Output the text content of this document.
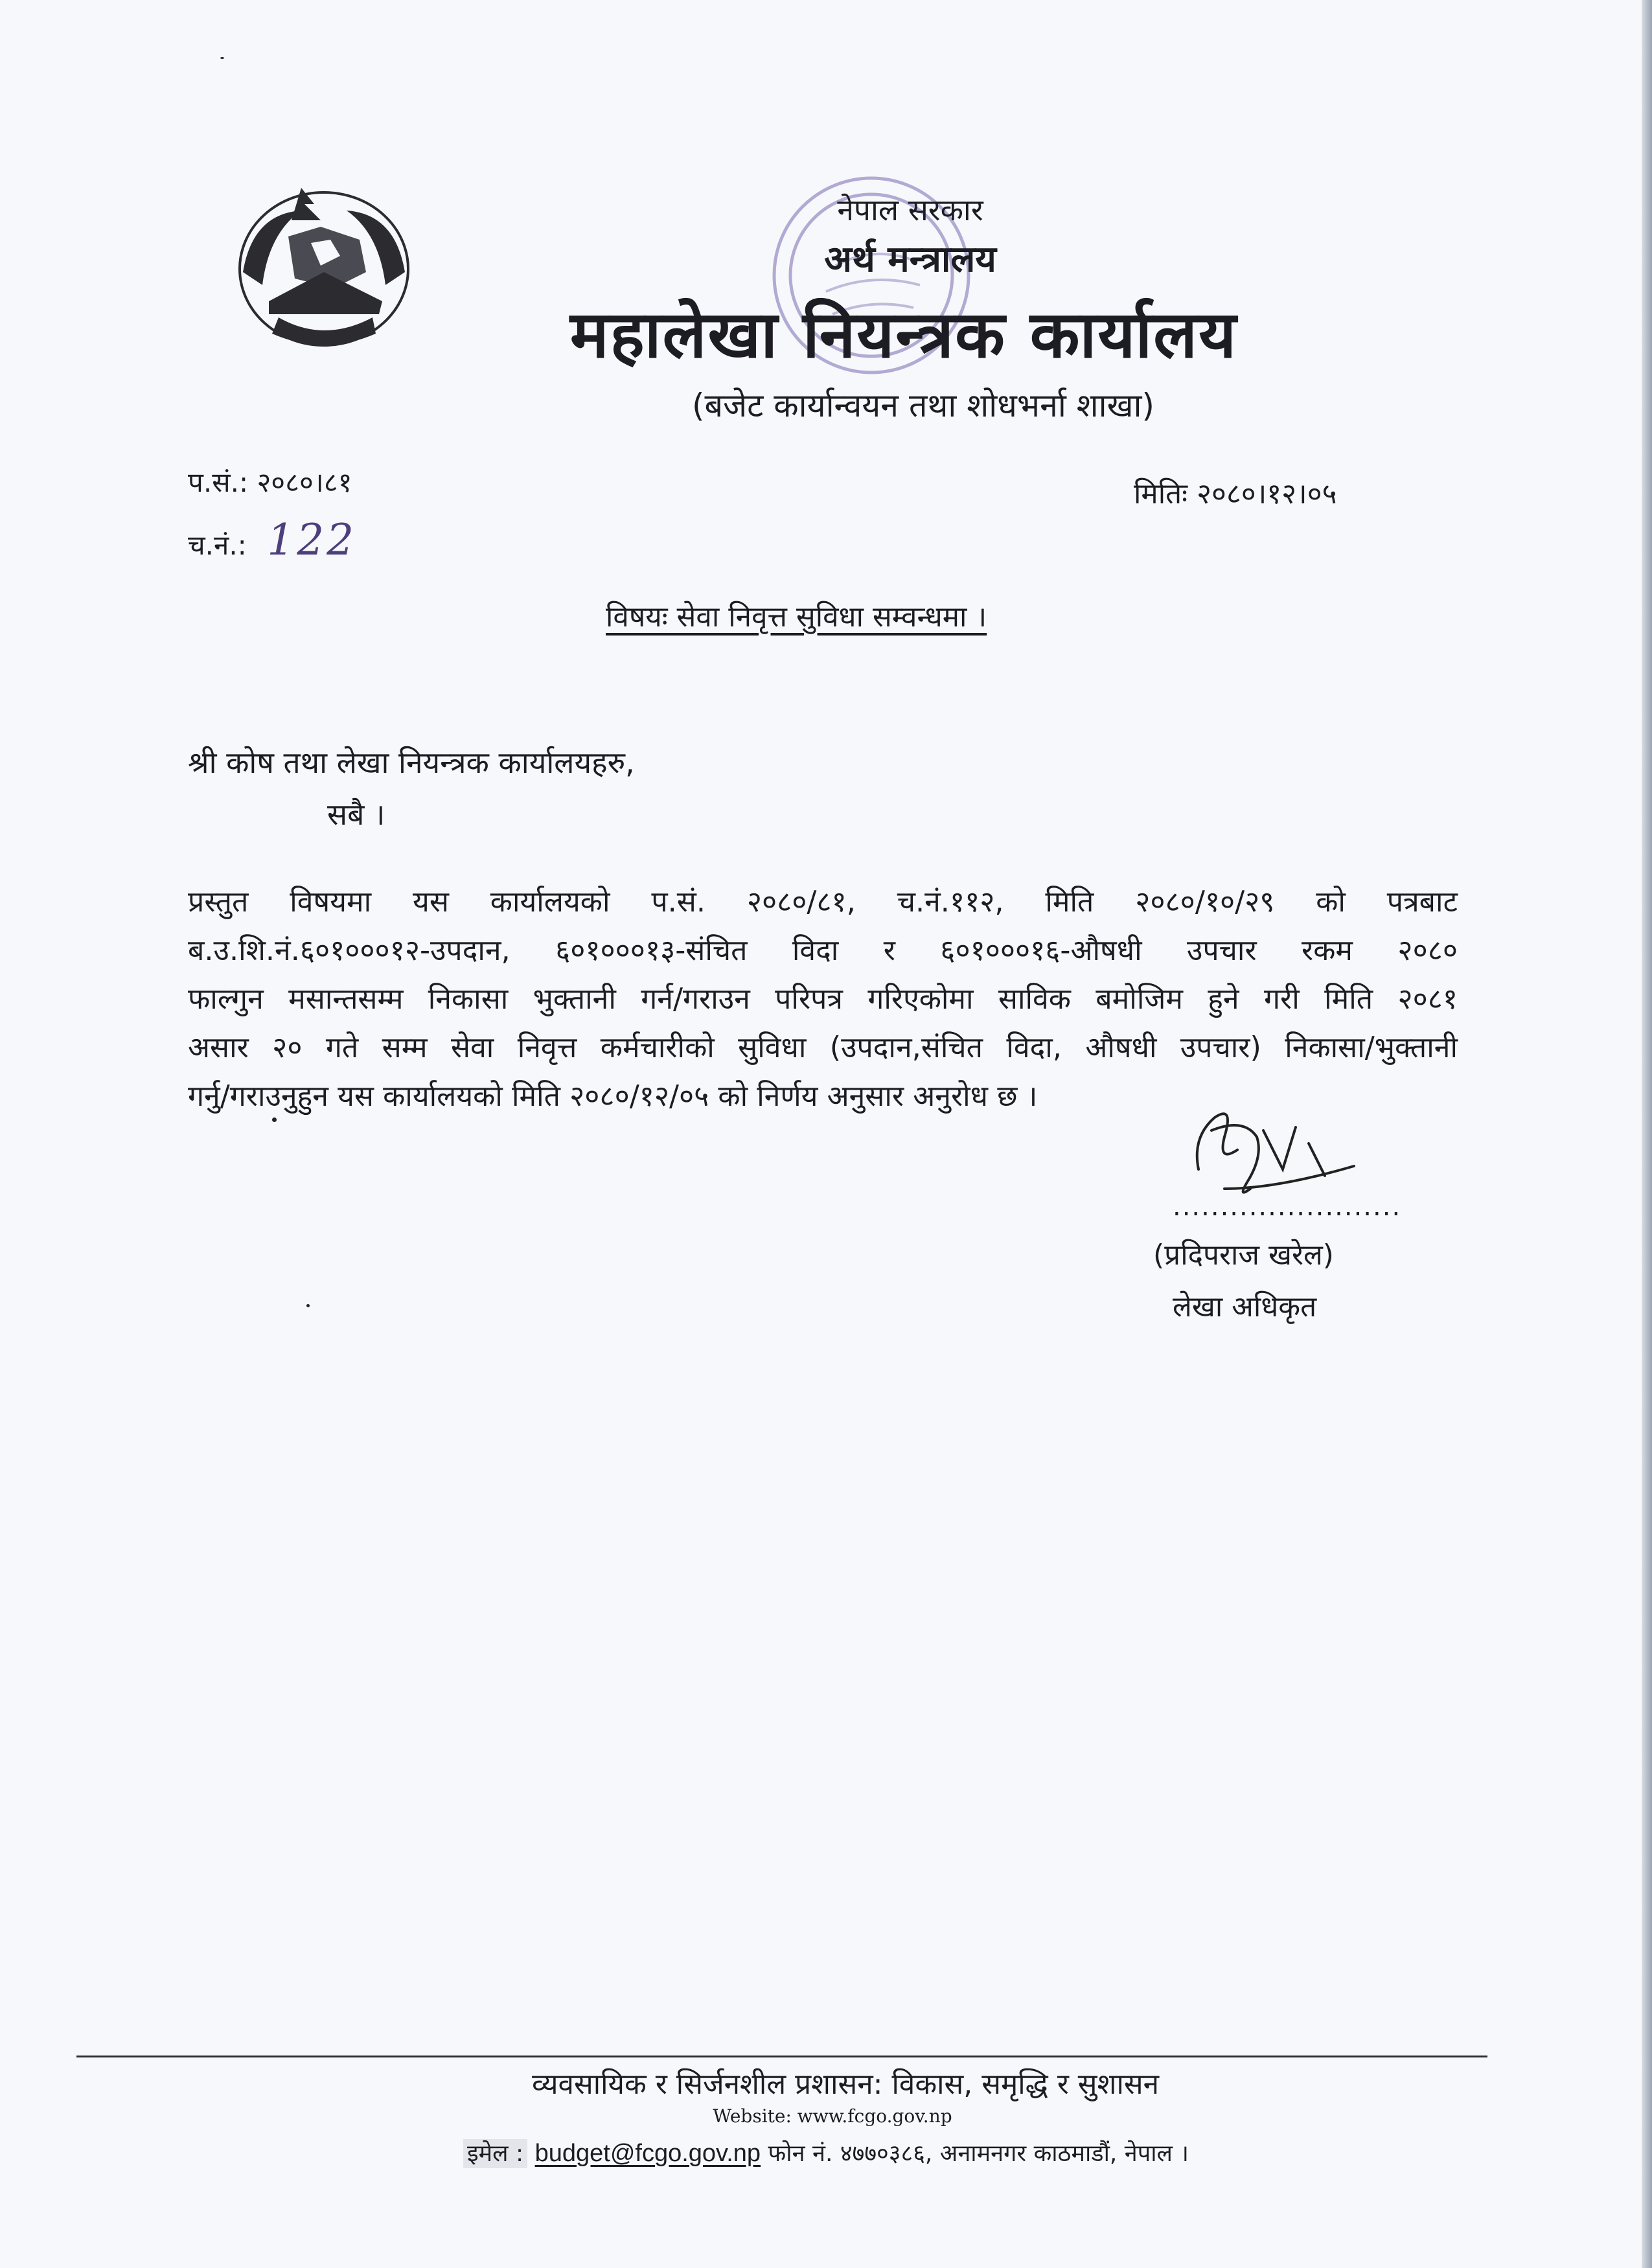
नेपाल सरकार
अर्थ मन्त्रालय
महालेखा नियन्त्रक कार्यालय
(बजेट कार्यान्वयन तथा शोधभर्ना शाखा)
प.सं.: २०८०।८१
च.नं.: 122
मितिः २०८०।१२।०५
विषयः सेवा निवृत्त सुविधा सम्वन्धमा ।
श्री कोष तथा लेखा नियन्त्रक कार्यालयहरु,
सबै ।
प्रस्तुत विषयमा यस कार्यालयको प.सं. २०८०/८१, च.नं.११२, मिति २०८०/१०/२९ को पत्रबाट
ब.उ.शि.नं.६०१०००१२-उपदान, ६०१०००१३-संचित विदा र ६०१०००१६-औषधी उपचार रकम २०८०
फाल्गुन मसान्तसम्म निकासा भुक्तानी गर्न/गराउन परिपत्र गरिएकोमा साविक बमोजिम हुने गरी मिति २०८१
असार २० गते सम्म सेवा निवृत्त कर्मचारीको सुविधा (उपदान,संचित विदा, औषधी उपचार) निकासा/भुक्तानी
गर्नु/गराउनुहुन यस कार्यालयको मिति २०८०/१२/०५ को निर्णय अनुसार अनुरोध छ ।
........................
(प्रदिपराज खरेल)
लेखा अधिकृत
व्यवसायिक र सिर्जनशील प्रशासन: विकास, समृद्धि र सुशासन
Website: www.fcgo.gov.np
इमेल : budget@fcgo.gov.np फोन नं. ४७७०३८६, अनामनगर काठमाडौं, नेपाल ।
